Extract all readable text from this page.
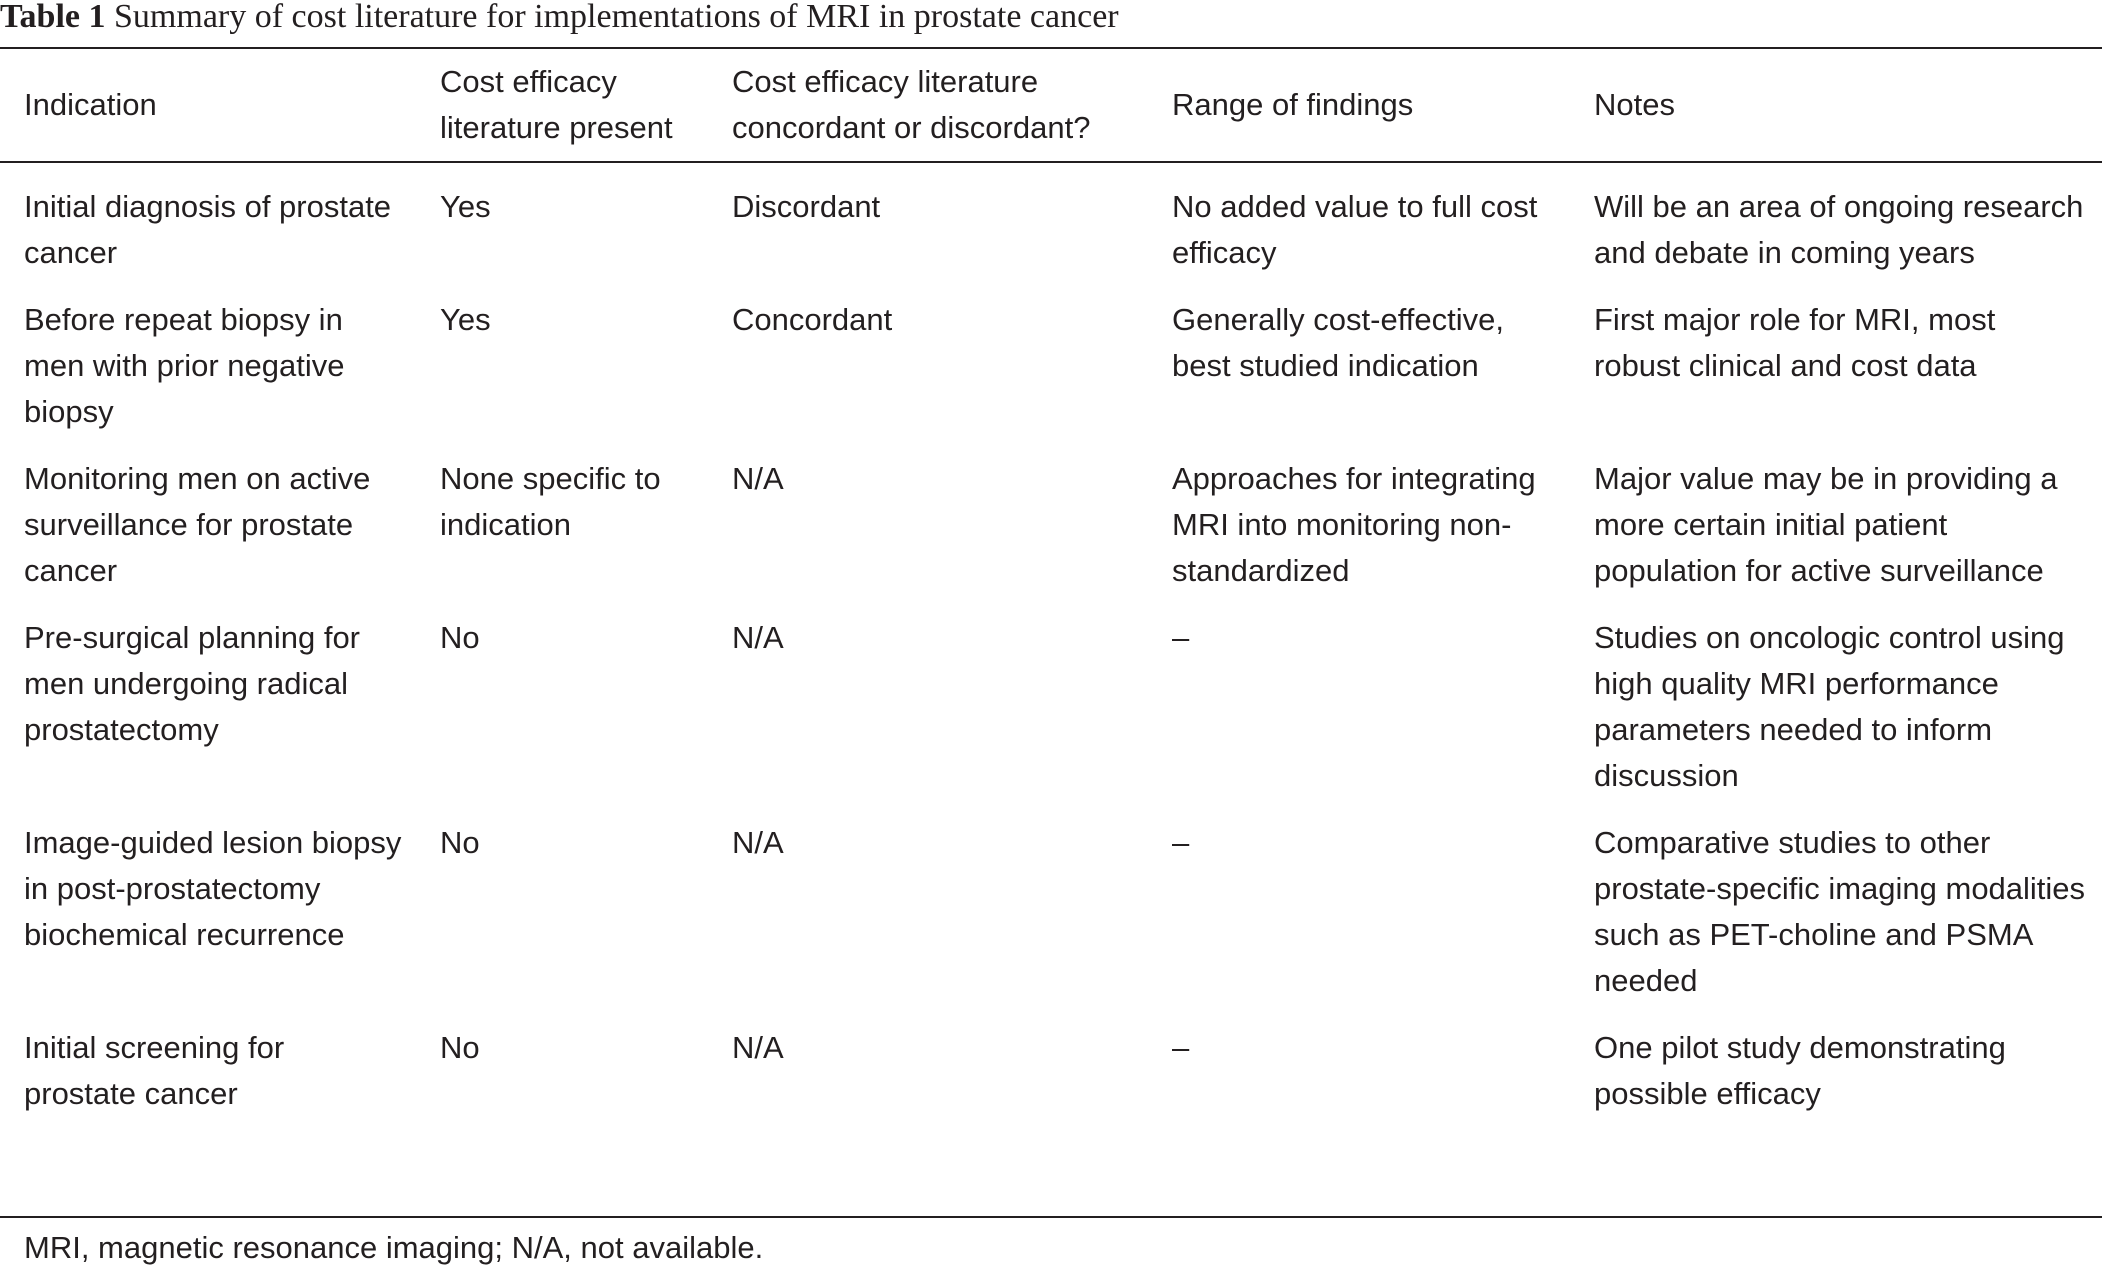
Table 1 Summary of cost literature for implementations of MRI in prostate cancer
Indication	Cost efficacy literature present	Cost efficacy literature concordant or discordant?	Range of findings	Notes
Initial diagnosis of prostate cancer	Yes	Discordant	No added value to full cost efficacy	Will be an area of ongoing research and debate in coming years
Before repeat biopsy in men with prior negative biopsy	Yes	Concordant	Generally cost-effective, best studied indication	First major role for MRI, most robust clinical and cost data
Monitoring men on active surveillance for prostate cancer	None specific to indication	N/A	Approaches for integrating MRI into monitoring non-standardized	Major value may be in providing a more certain initial patient population for active surveillance
Pre-surgical planning for men undergoing radical prostatectomy	No	N/A	–	Studies on oncologic control using high quality MRI performance parameters needed to inform discussion
Image-guided lesion biopsy in post-prostatectomy biochemical recurrence	No	N/A	–	Comparative studies to other prostate-specific imaging modalities such as PET-choline and PSMA needed
Initial screening for prostate cancer	No	N/A	–	One pilot study demonstrating possible efficacy
MRI, magnetic resonance imaging; N/A, not available.
